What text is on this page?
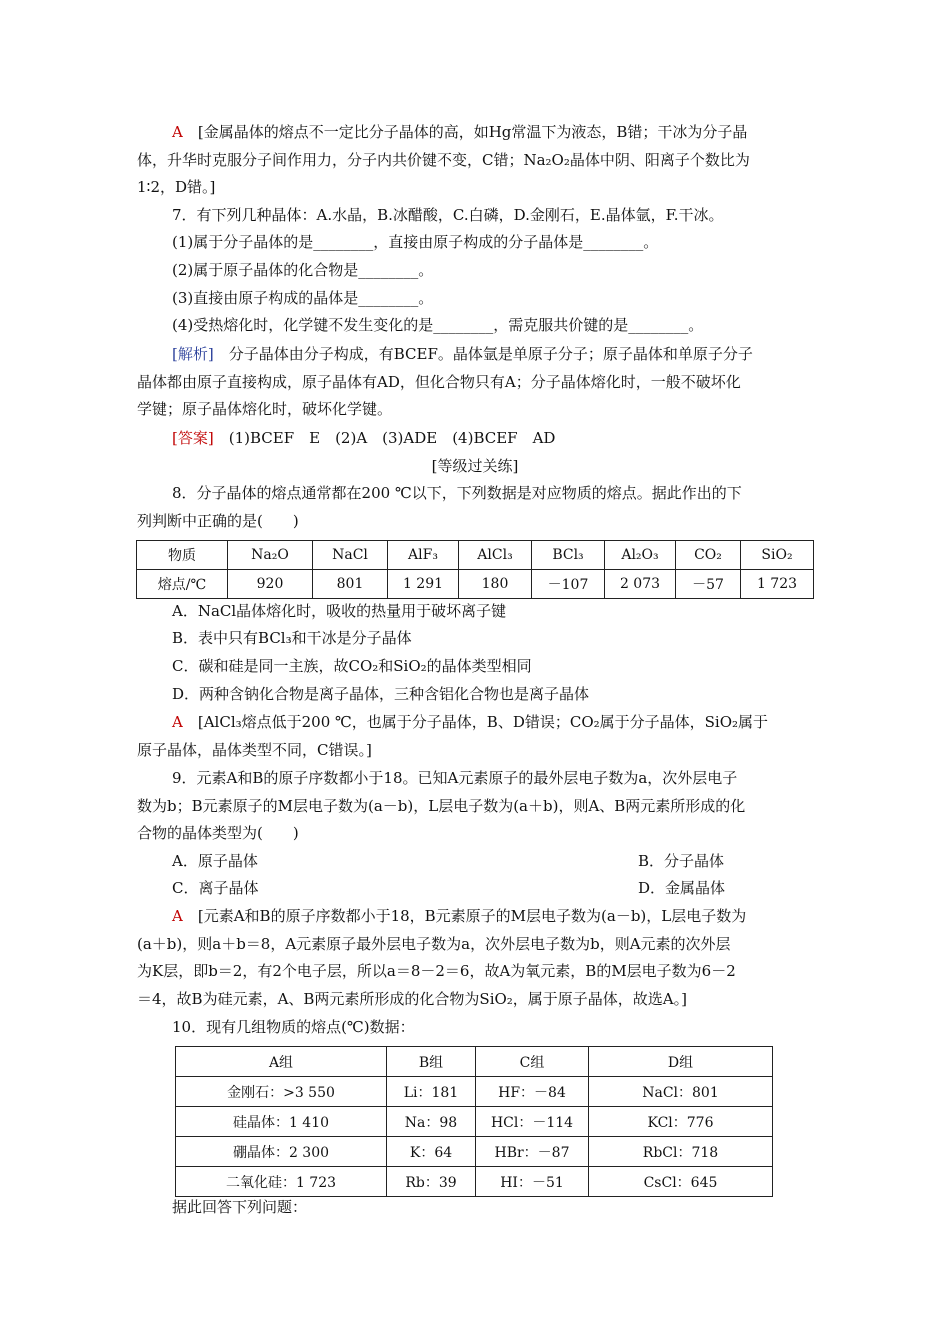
A　 [金属晶体的熔点不一定比分子晶体的高，如Hg常温下为液态，B错；干冰为分子晶
体，升华时克服分子间作用力，分子内共价键不变，C错；Na₂O₂晶体中阴、阳离子个数比为
1∶2，D错。]
7．有下列几种晶体：A.水晶，B.冰醋酸，C.白磷，D.金刚石，E.晶体氩，F.干冰。
(1)属于分子晶体的是________，直接由原子构成的分子晶体是________。
(2)属于原子晶体的化合物是________。
(3)直接由原子构成的晶体是________。
(4)受热熔化时，化学键不发生变化的是________，需克服共价键的是________。
[解析]　 分子晶体由分子构成，有BCEF。晶体氩是单原子分子；原子晶体和单原子分子
晶体都由原子直接构成，原子晶体有AD，但化合物只有A；分子晶体熔化时，一般不破坏化
学键；原子晶体熔化时，破坏化学键。
[答案]　 (1)BCEF　E　(2)A　(3)ADE　(4)BCEF　AD
[等级过关练]
8．分子晶体的熔点通常都在200 ℃以下，下列数据是对应物质的熔点。据此作出的下
列判断中正确的是(　　)
物质	Na₂O	NaCl	AlF₃	AlCl₃	BCl₃	Al₂O₃	CO₂	SiO₂
熔点/℃	920	801	1 291	180	－107	2 073	－57	1 723
A．NaCl晶体熔化时，吸收的热量用于破坏离子键
B．表中只有BCl₃和干冰是分子晶体
C．碳和硅是同一主族，故CO₂和SiO₂的晶体类型相同
D．两种含钠化合物是离子晶体，三种含铝化合物也是离子晶体
A　 [AlCl₃熔点低于200 ℃，也属于分子晶体，B、D错误；CO₂属于分子晶体，SiO₂属于
原子晶体，晶体类型不同，C错误。]
9．元素A和B的原子序数都小于18。已知A元素原子的最外层电子数为a，次外层电子
数为b；B元素原子的M层电子数为(a－b)，L层电子数为(a＋b)，则A、B两元素所形成的化
合物的晶体类型为(　　)
A．原子晶体	B．分子晶体
C．离子晶体	D．金属晶体
A　 [元素A和B的原子序数都小于18，B元素原子的M层电子数为(a－b)，L层电子数为
(a＋b)，则a＋b＝8，A元素原子最外层电子数为a，次外层电子数为b，则A元素的次外层
为K层，即b＝2，有2个电子层，所以a＝8－2＝6，故A为氧元素，B的M层电子数为6－2
＝4，故B为硅元素，A、B两元素所形成的化合物为SiO₂，属于原子晶体，故选A。]
10．现有几组物质的熔点(℃)数据：
A组	B组	C组	D组
金刚石：>3 550	Li：181	HF：－84	NaCl：801
硅晶体：1 410	Na：98	HCl：－114	KCl：776
硼晶体：2 300	K：64	HBr：－87	RbCl：718
二氧化硅：1 723	Rb：39	HI：－51	CsCl：645
据此回答下列问题：
